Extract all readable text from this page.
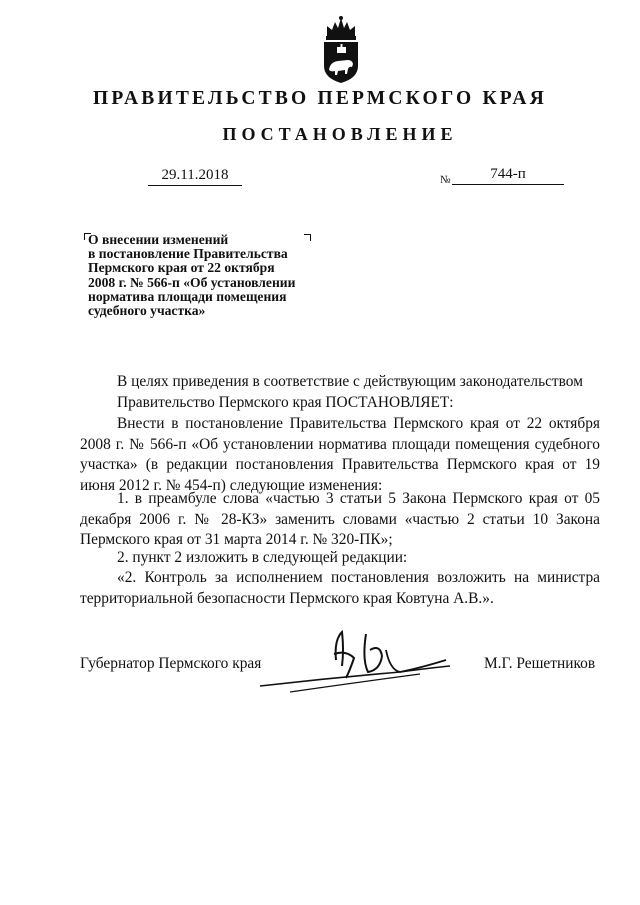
ПРАВИТЕЛЬСТВО ПЕРМСКОГО КРАЯ
ПОСТАНОВЛЕНИЕ
29.11.2018	№	744-п
О внесении изменений
в постановление Правительства
Пермского края от 22 октября
2008 г. № 566-п «Об установлении
норматива площади помещения
судебного участка»
В целях приведения в соответствие с действующим законодательством
Правительство Пермского края ПОСТАНОВЛЯЕТ:
Внести в постановление Правительства Пермского края от 22 октября 2008 г. № 566-п «Об установлении норматива площади помещения судебного участка» (в редакции постановления Правительства Пермского края от 19 июня 2012 г. № 454-п) следующие изменения:
1. в преамбуле слова «частью 3 статьи 5 Закона Пермского края от 05 декабря 2006 г. № 28-КЗ» заменить словами «частью 2 статьи 10 Закона Пермского края от 31 марта 2014 г. № 320-ПК»;
2. пункт 2 изложить в следующей редакции:
«2. Контроль за исполнением постановления возложить на министра территориальной безопасности Пермского края Ковтуна А.В.».
Губернатор Пермского края	М.Г. Решетников
